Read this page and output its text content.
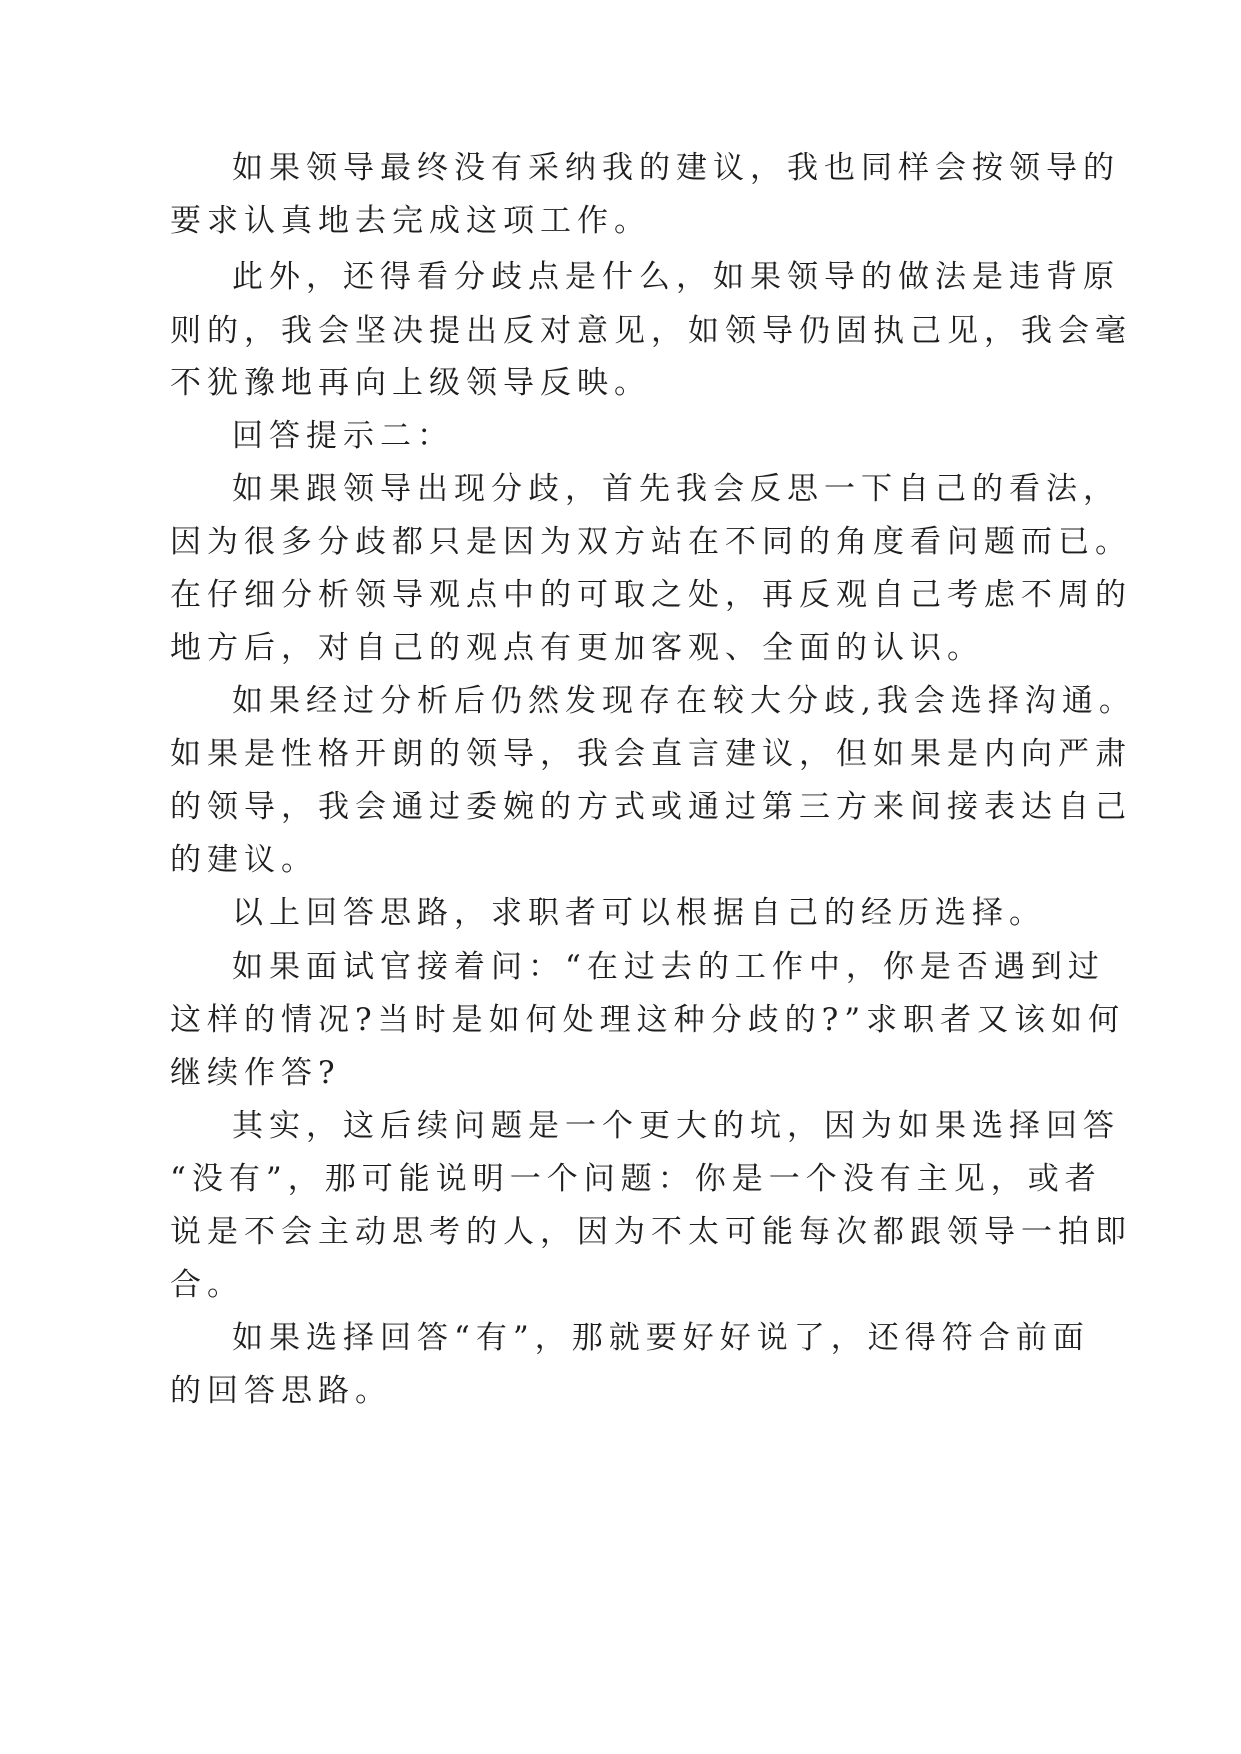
如果领导最终没有采纳我的建议，我也同样会按领导的

要求认真地去完成这项工作。

此外，还得看分歧点是什么，如果领导的做法是违背原

则的，我会坚决提出反对意见，如领导仍固执己见，我会毫

不犹豫地再向上级领导反映。

回答提示二：

如果跟领导出现分歧，首先我会反思一下自己的看法，

因为很多分歧都只是因为双方站在不同的角度看问题而已。

在仔细分析领导观点中的可取之处，再反观自己考虑不周的

地方后，对自己的观点有更加客观、全面的认识。

如果经过分析后仍然发现存在较大分歧,我会选择沟通。

如果是性格开朗的领导，我会直言建议，但如果是内向严肃

的领导，我会通过委婉的方式或通过第三方来间接表达自己

的建议。

以上回答思路，求职者可以根据自己的经历选择。

如果面试官接着问：“在过去的工作中，你是否遇到过

这样的情况?当时是如何处理这种分歧的?”求职者又该如何

继续作答?

其实，这后续问题是一个更大的坑，因为如果选择回答

“没有”，那可能说明一个问题：你是一个没有主见，或者

说是不会主动思考的人，因为不太可能每次都跟领导一拍即

合。

如果选择回答“有”，那就要好好说了，还得符合前面

的回答思路。
